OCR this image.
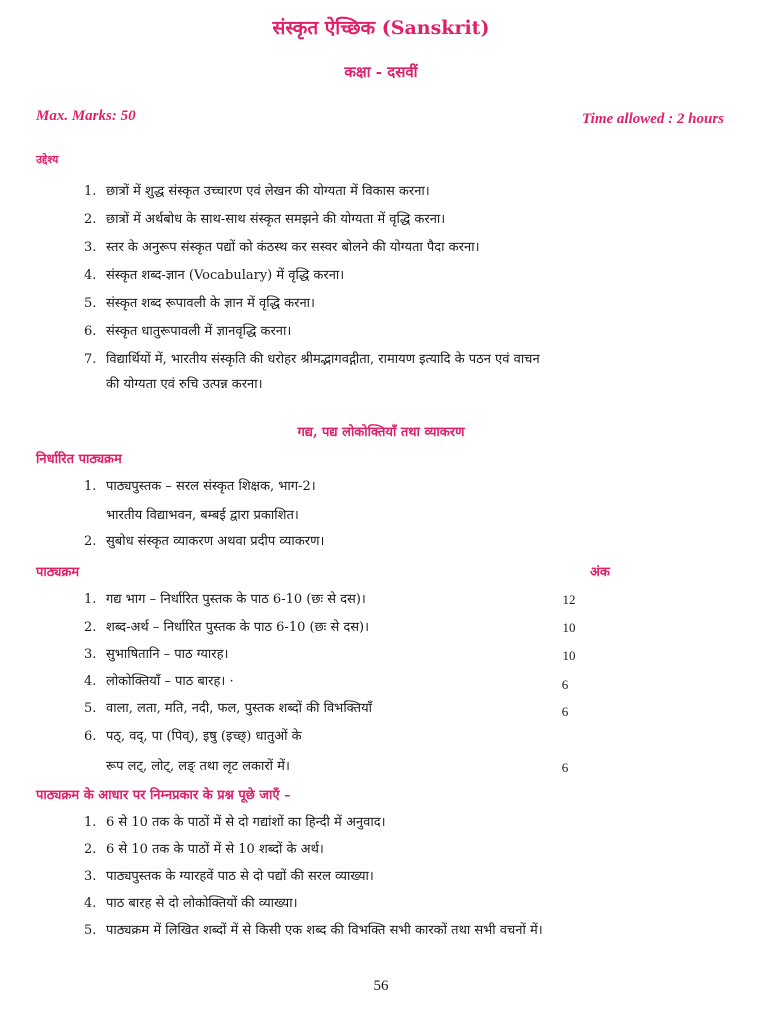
संस्कृत ऐच्छिक (Sanskrit)
कक्षा - दसवीं
Max. Marks: 50	Time allowed : 2 hours
उद्देश्य
1. छात्रों में शुद्ध संस्कृत उच्चारण एवं लेखन की योग्यता में विकास करना।
2. छात्रों में अर्थबोध के साथ-साथ संस्कृत समझने की योग्यता में वृद्धि करना।
3. स्तर के अनुरूप संस्कृत पद्यों को कंठस्थ कर सस्वर बोलने की योग्यता पैदा करना।
4. संस्कृत शब्द-ज्ञान (Vocabulary) में वृद्धि करना।
5. संस्कृत शब्द रूपावली के ज्ञान में वृद्धि करना।
6. संस्कृत धातुरूपावली में ज्ञानवृद्धि करना।
7. विद्यार्थियों में, भारतीय संस्कृति की धरोहर श्रीमद्भागवद्गीता, रामायण इत्यादि के पठन एवं वाचन
की योग्यता एवं रुचि उत्पन्न करना।
गद्य, पद्य लोकोक्तियाँ तथा व्याकरण
निर्धारित पाठ्यक्रम
1. पाठ्यपुस्तक – सरल संस्कृत शिक्षक, भाग-2।
भारतीय विद्याभवन, बम्बई द्वारा प्रकाशित।
2. सुबोध संस्कृत व्याकरण अथवा प्रदीप व्याकरण।
पाठ्यक्रम	अंक
1. गद्य भाग – निर्धारित पुस्तक के पाठ 6-10 (छः से दस)।	12
2. शब्द-अर्थ – निर्धारित पुस्तक के पाठ 6-10 (छः से दस)।	10
3. सुभाषितानि – पाठ ग्यारह।	10
4. लोकोक्तियाँ – पाठ बारह। ·	6
5. वाला, लता, मति, नदी, फल, पुस्तक शब्दों की विभक्तियाँ	6
6. पठ्, वद्, पा (पिव्), इषु (इच्छ्) धातुओं के
रूप लट्, लोट्, लङ् तथा लृट लकारों में।	6
पाठ्यक्रम के आधार पर निम्नप्रकार के प्रश्न पूछे जाएँ –
1. 6 से 10 तक के पाठों में से दो गद्यांशों का हिन्दी में अनुवाद।
2. 6 से 10 तक के पाठों में से 10 शब्दों के अर्थ।
3. पाठ्यपुस्तक के ग्यारहवें पाठ से दो पद्यों की सरल व्याख्या।
4. पाठ बारह से दो लोकोक्तियों की व्याख्या।
5. पाठ्यक्रम में लिखित शब्दों में से किसी एक शब्द की विभक्ति सभी कारकों तथा सभी वचनों में।
56
